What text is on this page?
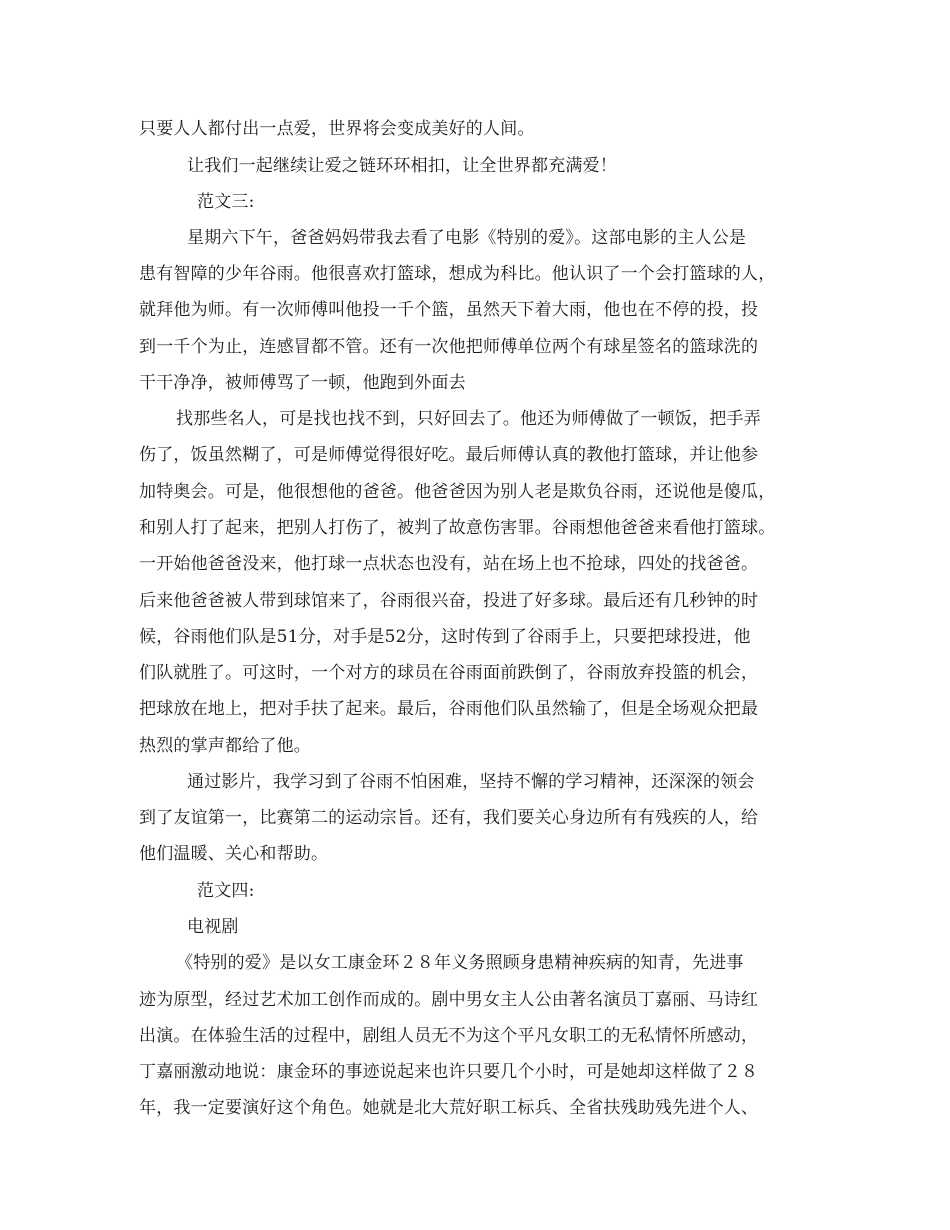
只要人人都付出一点爱，世界将会变成美好的人间。
让我们一起继续让爱之链环环相扣，让全世界都充满爱！
范文三:
星期六下午，爸爸妈妈带我去看了电影《特别的爱》。这部电影的主人公是
患有智障的少年谷雨。他很喜欢打篮球，想成为科比。他认识了一个会打篮球的人，
就拜他为师。有一次师傅叫他投一千个篮，虽然天下着大雨，他也在不停的投，投
到一千个为止，连感冒都不管。还有一次他把师傅单位两个有球星签名的篮球洗的
干干净净，被师傅骂了一顿，他跑到外面去
找那些名人，可是找也找不到，只好回去了。他还为师傅做了一顿饭，把手弄
伤了，饭虽然糊了，可是师傅觉得很好吃。最后师傅认真的教他打篮球，并让他参
加特奥会。可是，他很想他的爸爸。他爸爸因为别人老是欺负谷雨，还说他是傻瓜，
和别人打了起来，把别人打伤了，被判了故意伤害罪。谷雨想他爸爸来看他打篮球。
一开始他爸爸没来，他打球一点状态也没有，站在场上也不抢球，四处的找爸爸。
后来他爸爸被人带到球馆来了，谷雨很兴奋，投进了好多球。最后还有几秒钟的时
候，谷雨他们队是51分，对手是52分，这时传到了谷雨手上，只要把球投进，他
们队就胜了。可这时，一个对方的球员在谷雨面前跌倒了，谷雨放弃投篮的机会，
把球放在地上，把对手扶了起来。最后，谷雨他们队虽然输了，但是全场观众把最
热烈的掌声都给了他。
通过影片，我学习到了谷雨不怕困难，坚持不懈的学习精神，还深深的领会
到了友谊第一，比赛第二的运动宗旨。还有，我们要关心身边所有有残疾的人，给
他们温暖、关心和帮助。
范文四:
电视剧
《特别的爱》是以女工康金环２８年义务照顾身患精神疾病的知青，先进事
迹为原型，经过艺术加工创作而成的。剧中男女主人公由著名演员丁嘉丽、马诗红
出演。在体验生活的过程中，剧组人员无不为这个平凡女职工的无私情怀所感动，
丁嘉丽激动地说：康金环的事迹说起来也许只要几个小时，可是她却这样做了２８
年，我一定要演好这个角色。她就是北大荒好职工标兵、全省扶残助残先进个人、
